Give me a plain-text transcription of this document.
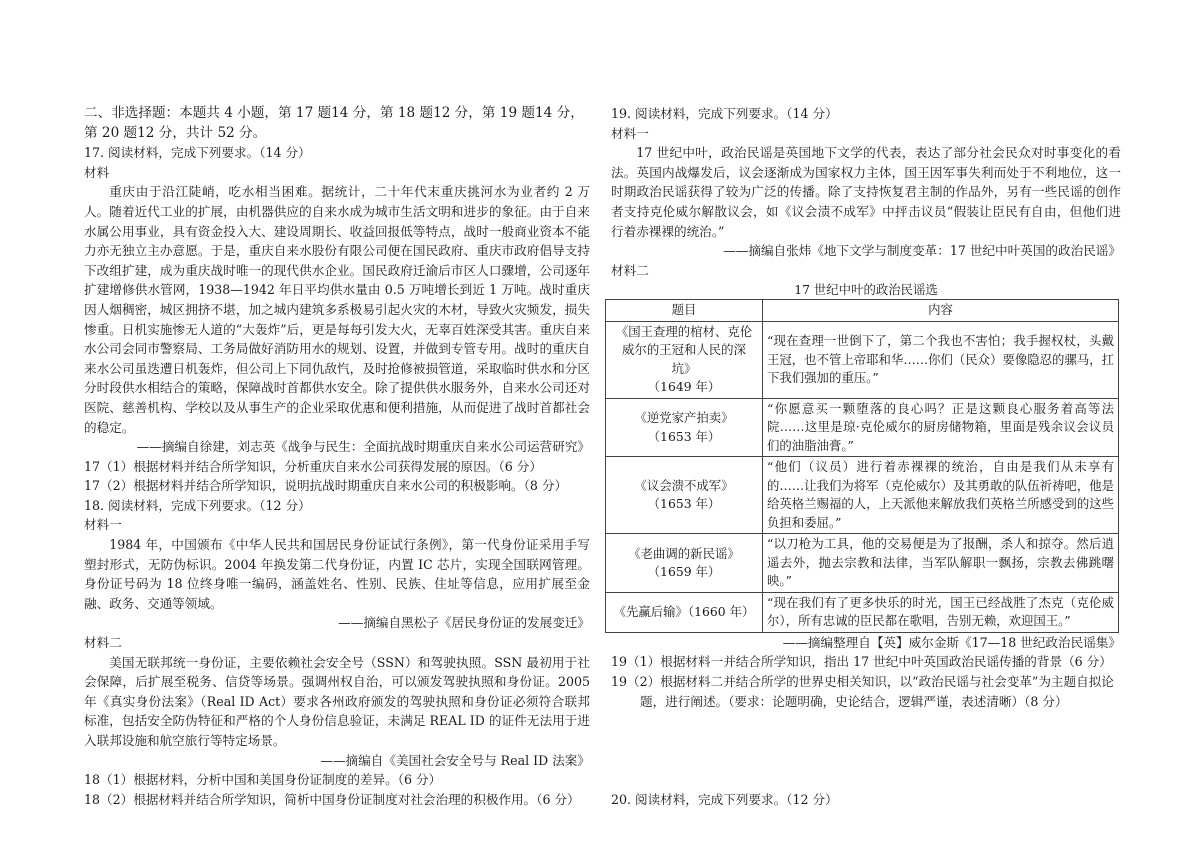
二、非选择题：本题共 4 小题，第 17 题14 分，第 18 题12 分，第 19 题14 分，第 20 题12 分，共计 52 分。

17. 阅读材料，完成下列要求。（14 分）

材料

重庆由于沿江陡峭，吃水相当困难。据统计，二十年代末重庆挑河水为业者约 2 万人。随着近代工业的扩展，由机器供应的自来水成为城市生活文明和进步的象征。由于自来水属公用事业，具有资金投入大、建设周期长、收益回报低等特点，战时一般商业资本不能力亦无独立主办意愿。于是，重庆自来水股份有限公司便在国民政府、重庆市政府倡导支持下改组扩建，成为重庆战时唯一的现代供水企业。国民政府迁渝后市区人口骤增，公司逐年扩建增修供水管网，1938—1942 年日平均供水量由 0.5 万吨增长到近 1 万吨。战时重庆因人烟稠密，城区拥挤不堪，加之城内建筑多系极易引起火灾的木材，导致火灾频发，损失惨重。日机实施惨无人道的“大轰炸”后，更是每每引发大火，无辜百姓深受其害。重庆自来水公司会同市警察局、工务局做好消防用水的规划、设置，并做到专管专用。战时的重庆自来水公司虽迭遭日机轰炸，但公司上下同仇敌忾，及时抢修被损管道，采取临时供水和分区分时段供水相结合的策略，保障战时首都供水安全。除了提供供水服务外，自来水公司还对医院、慈善机构、学校以及从事生产的企业采取优惠和便利措施，从而促进了战时首都社会的稳定。

——摘编自徐建，刘志英《战争与民生：全面抗战时期重庆自来水公司运营研究》

17（1）根据材料并结合所学知识，分析重庆自来水公司获得发展的原因。（6 分）

17（2）根据材料并结合所学知识，说明抗战时期重庆自来水公司的积极影响。（8 分）

18. 阅读材料，完成下列要求。（12 分）

材料一

1984 年，中国颁布《中华人民共和国居民身份证试行条例》，第一代身份证采用手写塑封形式，无防伪标识。2004 年换发第二代身份证，内置 IC 芯片，实现全国联网管理。身份证号码为 18 位终身唯一编码，涵盖姓名、性别、民族、住址等信息，应用扩展至金融、政务、交通等领域。

——摘编自黑松子《居民身份证的发展变迁》

材料二

美国无联邦统一身份证，主要依赖社会安全号（SSN）和驾驶执照。SSN 最初用于社会保障，后扩展至税务、信贷等场景。强调州权自治，可以颁发驾驶执照和身份证。2005 年《真实身份法案》（Real ID Act）要求各州政府颁发的驾驶执照和身份证必须符合联邦标准，包括安全防伪特征和严格的个人身份信息验证，未满足 REAL ID 的证件无法用于进入联邦设施和航空旅行等特定场景。

——摘编自《美国社会安全号与 Real ID 法案》

18（1）根据材料，分析中国和美国身份证制度的差异。（6 分）

18（2）根据材料并结合所学知识，简析中国身份证制度对社会治理的积极作用。（6 分）

19. 阅读材料，完成下列要求。（14 分）

材料一

17 世纪中叶，政治民谣是英国地下文学的代表，表达了部分社会民众对时事变化的看法。英国内战爆发后，议会逐渐成为国家权力主体，国王因军事失利而处于不利地位，这一时期政治民谣获得了较为广泛的传播。除了支持恢复君主制的作品外，另有一些民谣的创作者支持克伦威尔解散议会，如《议会渍不成军》中抨击议员“假装让臣民有自由，但他们进行着赤裸裸的统治。”

——摘编自张炜《地下文学与制度变革：17 世纪中叶英国的政治民谣》

材料二

17 世纪中叶的政治民谣选

题目	内容
《国王查理的棺材、克伦威尔的王冠和人民的深坑》
（1649 年）	“现在查理一世倒下了，第二个我也不害怕；我手握权杖，头戴王冠，也不管上帝耶和华……你们（民众）要像隐忍的骡马，扛下我们强加的重压。”
《逆党家产拍卖》
（1653 年）	“你愿意买一颗堕落的良心吗？正是这颗良心服务着高等法院……这里是琼·克伦威尔的厨房储物箱，里面是残余议会议员们的油脂油膏。”
《议会溃不成军》
（1653 年）	“他们（议员）进行着赤裸裸的统治，自由是我们从未享有的……让我们为将军（克伦威尔）及其勇敢的队伍祈祷吧，他是给英格兰赐福的人，上天派他来解放我们英格兰所感受到的这些负担和委屈。”
《老曲调的新民谣》
（1659 年）	“以刀枪为工具，他的交易便是为了报酬，杀人和掠夺。然后逍遥去外，抛去宗教和法律，当军队解职一飘扬，宗教去佛跳曙映。”
《先赢后输》（1660 年）	“现在我们有了更多快乐的时光，国王已经战胜了杰克（克伦威尔），所有忠诚的臣民都在歌唱，告别无赖，欢迎国王。”

——摘编整理自【英】威尔金斯《17—18 世纪政治民谣集》

19（1）根据材料一并结合所学知识，指出 17 世纪中叶英国政治民谣传播的背景（6 分）

19（2）根据材料二并结合所学的世界史相关知识，以“政治民谣与社会变革”为主题自拟论题，进行阐述。（要求：论题明确，史论结合，逻辑严谨，表述清晰）（8 分）

20. 阅读材料，完成下列要求。（12 分）
